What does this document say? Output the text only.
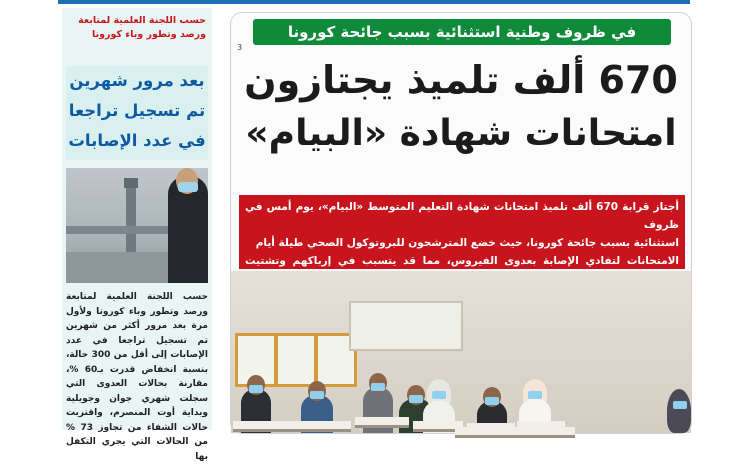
حسب اللجنة العلمية لمتابعة
ورصد وتطور وباء كورونا
بعد مرور شهرين
تم تسجيل تراجعا
في عدد الإصابات
حسب اللجنة العلمية لمتابعة ورصد وتطور وباء كورونا ولأول مرة بعد مرور أكثر من شهرين تم تسجيل تراجعا في عدد الإصابات إلى أقل من 300 حالة، بنسبة انخفاض قدرت بـ60 %، مقارنة بحالات العدوى التي سجلت شهري جوان وجويلية وبداية أوت المنصرم، واقتربت حالات الشفاء من تجاوز 73 % من الحالات التي يجري التكفل بها
في ظروف وطنية استثنائية بسبب جائحة كورونا
3
670 ألف تلميذ يجتازون
امتحانات شهادة «البيام»
أجتاز قرابة 670 ألف تلميذ امتحانات شهادة التعليم المتوسط «البيام»، يوم أمس في ظروف
استثنائية بسبب جائحة كورونا، حيث خضع المترشحون للبروتوكول الصحي طيلة أيام
الامتحانات لتفادي الإصابة بعدوى الفيروس، مما قد يتسبب في إرباكهم وتشتيت
